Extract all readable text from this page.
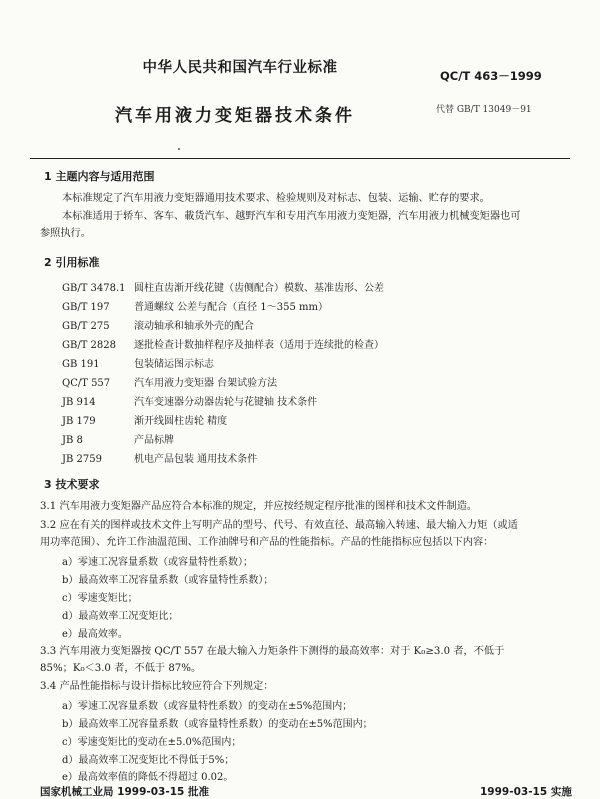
中华人民共和国汽车行业标准	QC/T 463－1999
汽车用液力变矩器技术条件	代替 GB/T 13049－91
1 主题内容与适用范围
本标准规定了汽车用液力变矩器通用技术要求、检验规则及对标志、包装、运输、贮存的要求。
本标准适用于轿车、客车、載货汽车、越野汽车和专用汽车用液力变矩器，汽车用液力机械变矩器也可
参照执行。
2 引用标准
GB/T 3478.1 圆柱直齿渐开线花键（齿侧配合）模数、基准齿形、公差
GB/T 197 普通螺纹 公差与配合（直径 1～355 mm）
GB/T 275 滚动轴承和轴承外壳的配合
GB/T 2828 逐批检查计数抽样程序及抽样表（适用于连续批的检查）
GB 191	包装储运图示标志
QC/T 557 汽车用液力变矩器 台架试验方法
JB 914	汽车变速器分动器齿轮与花键轴 技术条件
JB 179	渐开线圆柱齿轮 精度
JB 8	产品标牌
JB 2759	机电产品包装 通用技术条件
3 技术要求
3.1 汽车用液力变矩器产品应符合本标准的规定，并应按经规定程序批准的图样和技术文件制造。
3.2 应在有关的图样或技术文件上写明产品的型号、代号、有效直径、最高输入转速、最大输入力矩（或适
用功率范围）、允许工作油温范围、工作油牌号和产品的性能指标。产品的性能指标应包括以下内容：
a）零速工况容量系数（或容量特性系数）；
b）最高效率工况容量系数（或容量特性系数）；
c）零速变矩比；
d）最高效率工况变矩比；
e）最高效率。
3.3 汽车用液力变矩器按 QC/T 557 在最大输入力矩条件下测得的最高效率：对于 K₀≥3.0 者，不低于
85%；K₀＜3.0 者，不低于 87%。
3.4 产品性能指标与设计指标比较应符合下列规定：
a）零速工况容量系数（或容量特性系数）的变动在±5%范围内；
b）最高效率工况容量系数（或容量特性系数）的变动在±5%范围内；
c）零速变矩比的变动在±5.0%范围内；
d）最高效率工况变矩比不得低于5%；
e）最高效率值的降低不得超过 0.02。
国家机械工业局 1999-03-15 批准	1999-03-15 实施
